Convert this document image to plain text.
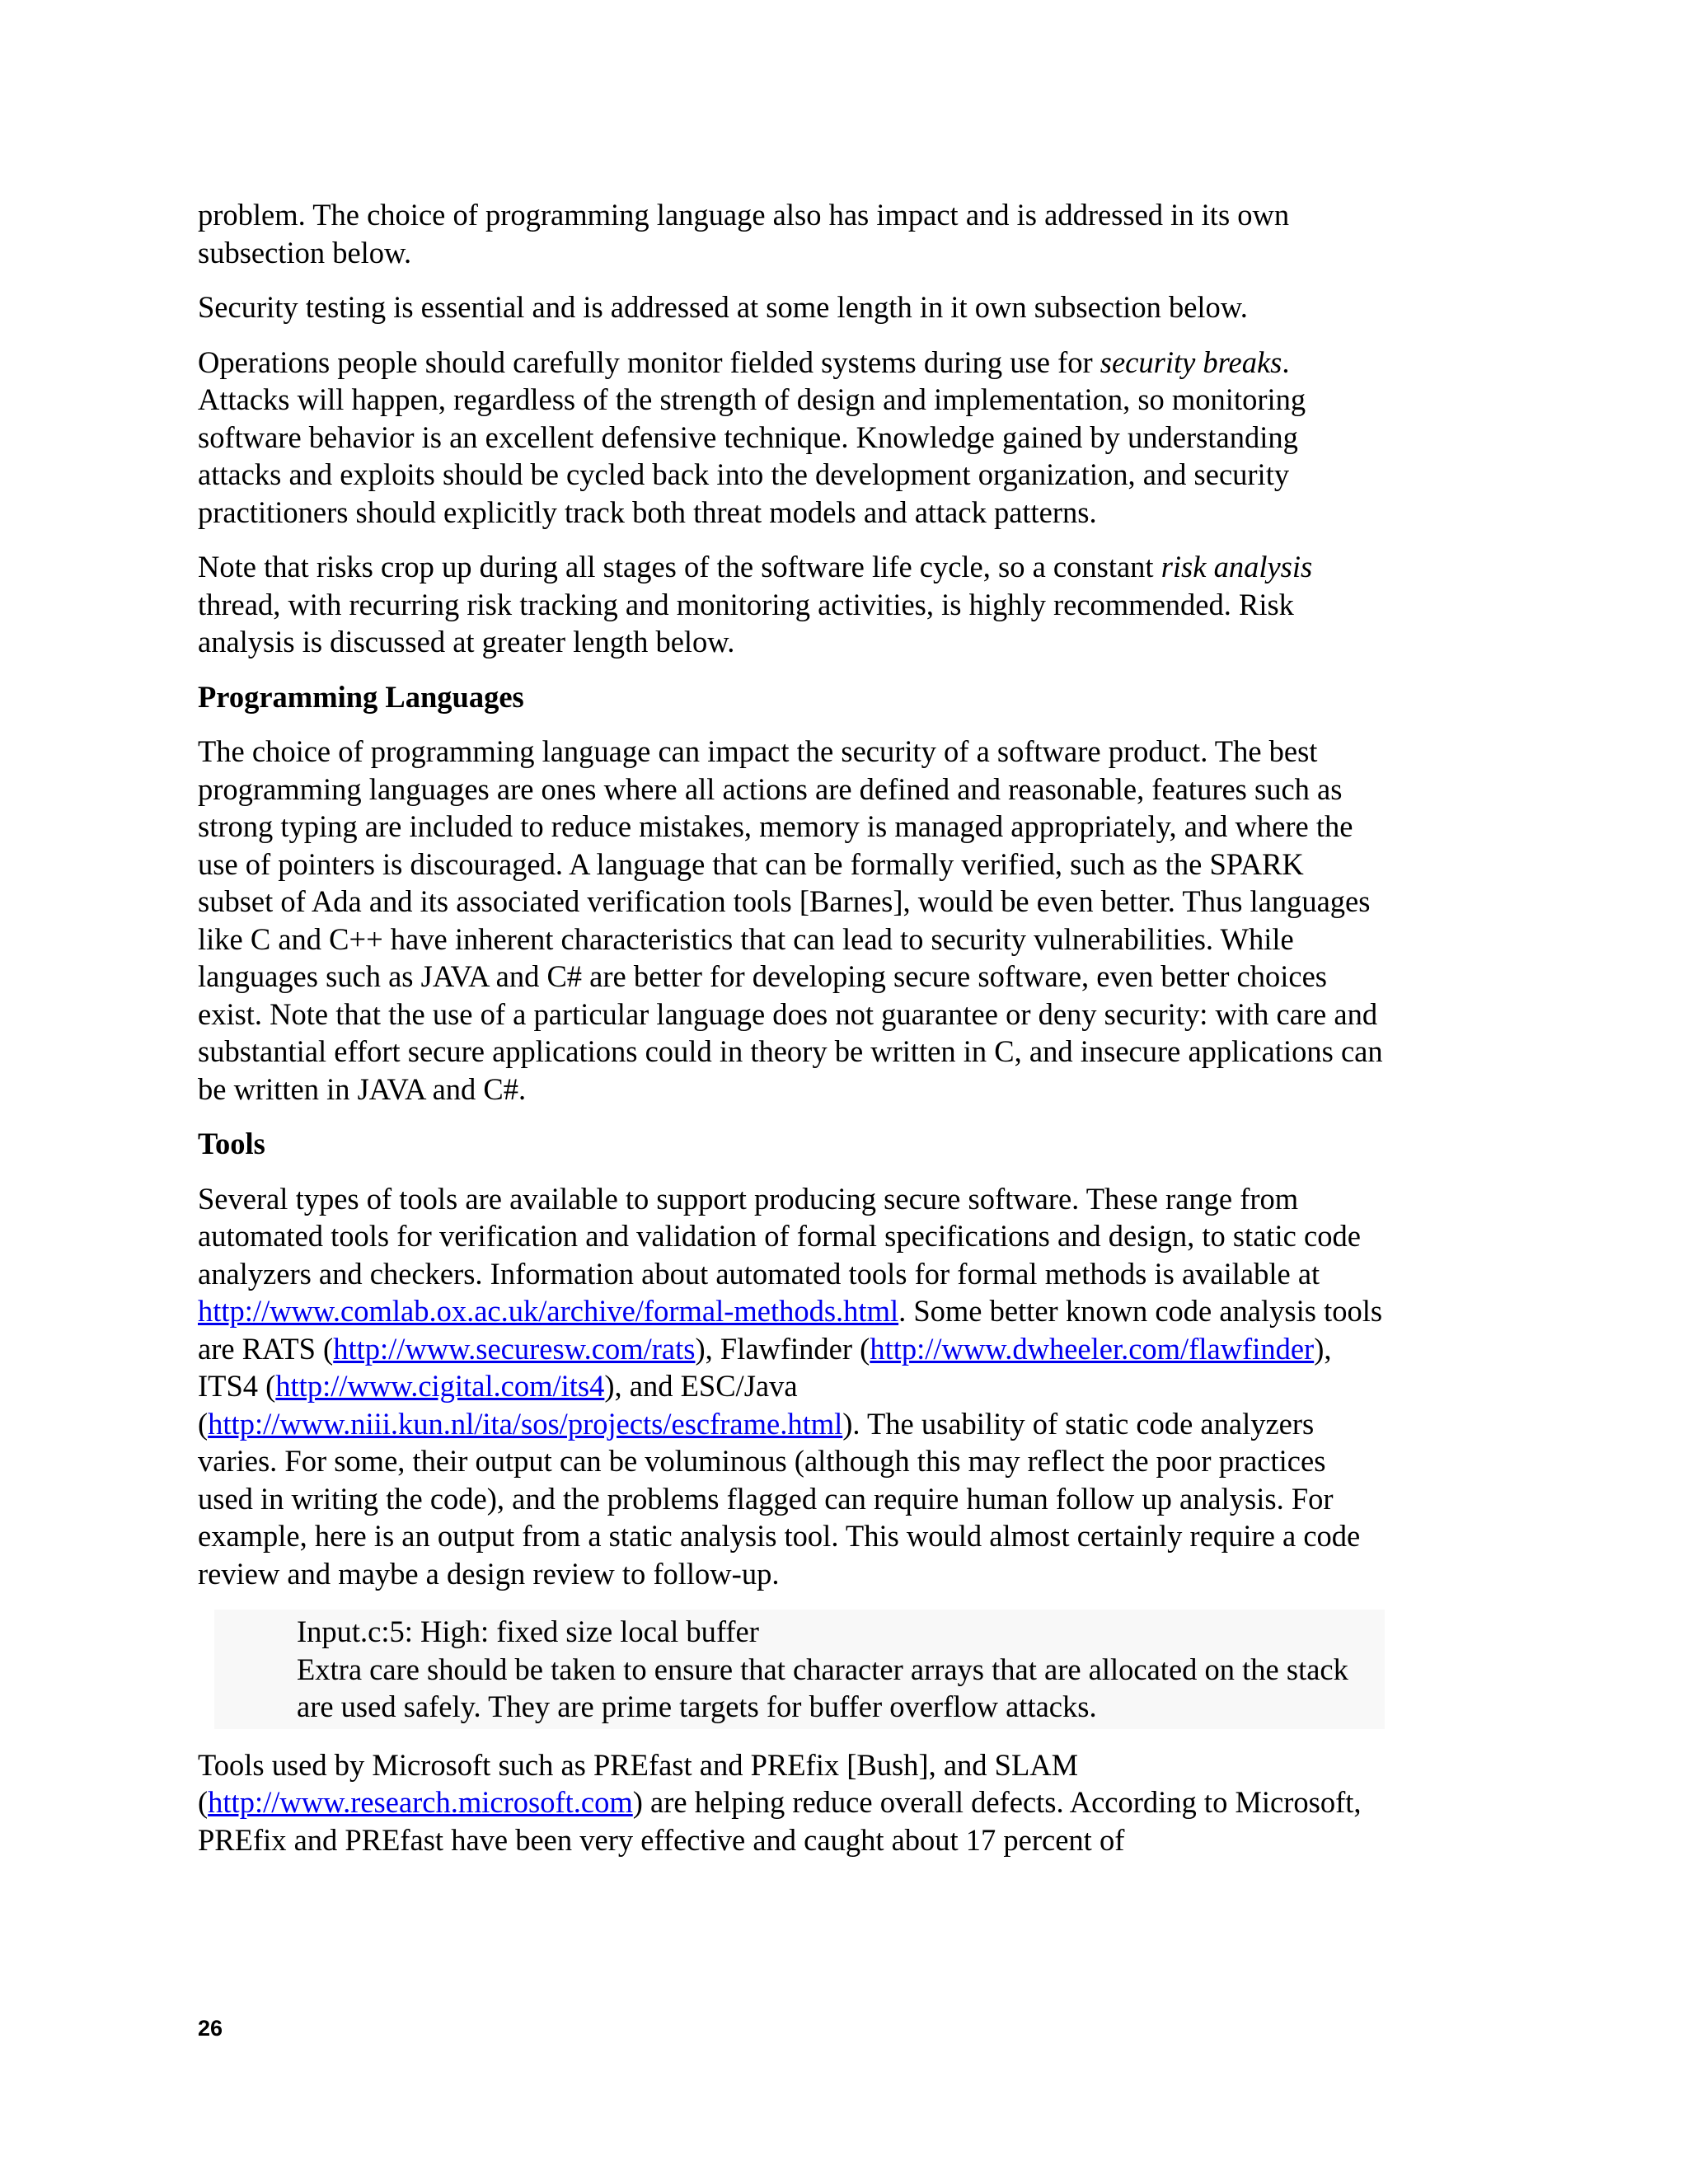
problem. The choice of programming language also has impact and is addressed in its own subsection below.

Security testing is essential and is addressed at some length in it own subsection below.

Operations people should carefully monitor fielded systems during use for security breaks. Attacks will happen, regardless of the strength of design and implementation, so monitoring software behavior is an excellent defensive technique. Knowledge gained by understanding attacks and exploits should be cycled back into the development organization, and security practitioners should explicitly track both threat models and attack patterns.

Note that risks crop up during all stages of the software life cycle, so a constant risk analysis thread, with recurring risk tracking and monitoring activities, is highly recommended. Risk analysis is discussed at greater length below.

Programming Languages

The choice of programming language can impact the security of a software product. The best programming languages are ones where all actions are defined and reasonable, features such as strong typing are included to reduce mistakes, memory is managed appropriately, and where the use of pointers is discouraged. A language that can be formally verified, such as the SPARK subset of Ada and its associated verification tools [Barnes], would be even better. Thus languages like C and C++ have inherent characteristics that can lead to security vulnerabilities. While languages such as JAVA and C# are better for developing secure software, even better choices exist. Note that the use of a particular language does not guarantee or deny security: with care and substantial effort secure applications could in theory be written in C, and insecure applications can be written in JAVA and C#.

Tools

Several types of tools are available to support producing secure software. These range from automated tools for verification and validation of formal specifications and design, to static code analyzers and checkers. Information about automated tools for formal methods is available at http://www.comlab.ox.ac.uk/archive/formal-methods.html. Some better known code analysis tools are RATS (http://www.securesw.com/rats), Flawfinder (http://www.dwheeler.com/flawfinder), ITS4 (http://www.cigital.com/its4), and ESC/Java (http://www.niii.kun.nl/ita/sos/projects/escframe.html). The usability of static code analyzers varies. For some, their output can be voluminous (although this may reflect the poor practices used in writing the code), and the problems flagged can require human follow up analysis. For example, here is an output from a static analysis tool. This would almost certainly require a code review and maybe a design review to follow-up.

Input.c:5: High: fixed size local buffer
Extra care should be taken to ensure that character arrays that are allocated on the stack are used safely. They are prime targets for buffer overflow attacks.

Tools used by Microsoft such as PREfast and PREfix [Bush], and SLAM (http://www.research.microsoft.com) are helping reduce overall defects. According to Microsoft, PREfix and PREfast have been very effective and caught about 17 percent of

26
